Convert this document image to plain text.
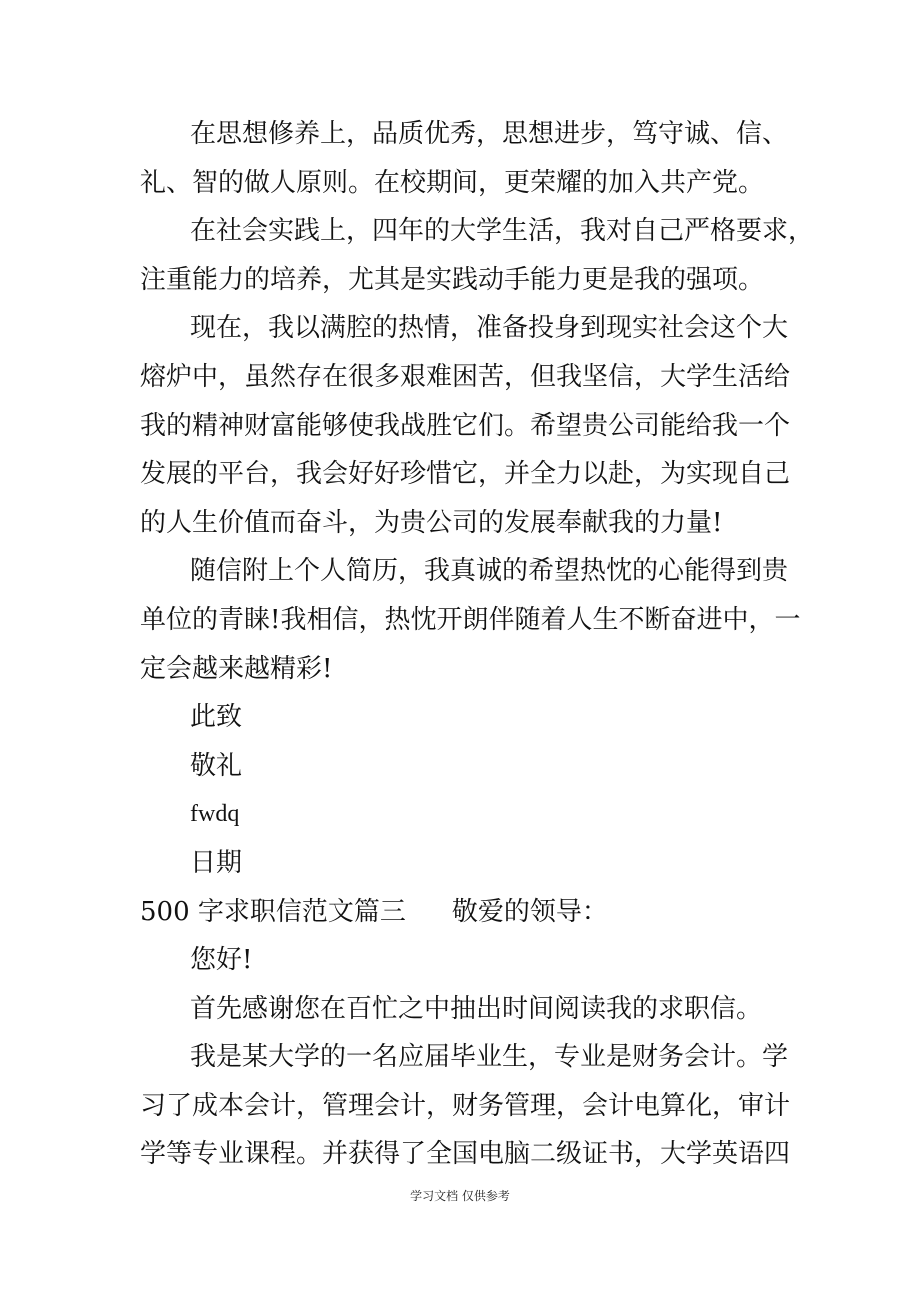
在思想修养上，品质优秀，思想进步，笃守诚、信、
礼、智的做人原则。在校期间，更荣耀的加入共产党。
在社会实践上，四年的大学生活，我对自己严格要求，
注重能力的培养，尤其是实践动手能力更是我的强项。
现在，我以满腔的热情，准备投身到现实社会这个大
熔炉中，虽然存在很多艰难困苦，但我坚信，大学生活给
我的精神财富能够使我战胜它们。希望贵公司能给我一个
发展的平台，我会好好珍惜它，并全力以赴，为实现自己
的人生价值而奋斗，为贵公司的发展奉献我的力量!
随信附上个人简历，我真诚的希望热忱的心能得到贵
单位的青睐!我相信，热忱开朗伴随着人生不断奋进中，一
定会越来越精彩!
此致
敬礼
fwdq
日期
500 字求职信范文篇三 敬爱的领导：
您好!
首先感谢您在百忙之中抽出时间阅读我的求职信。
我是某大学的一名应届毕业生，专业是财务会计。学
习了成本会计，管理会计，财务管理，会计电算化，审计
学等专业课程。并获得了全国电脑二级证书，大学英语四
学习文档 仅供参考
